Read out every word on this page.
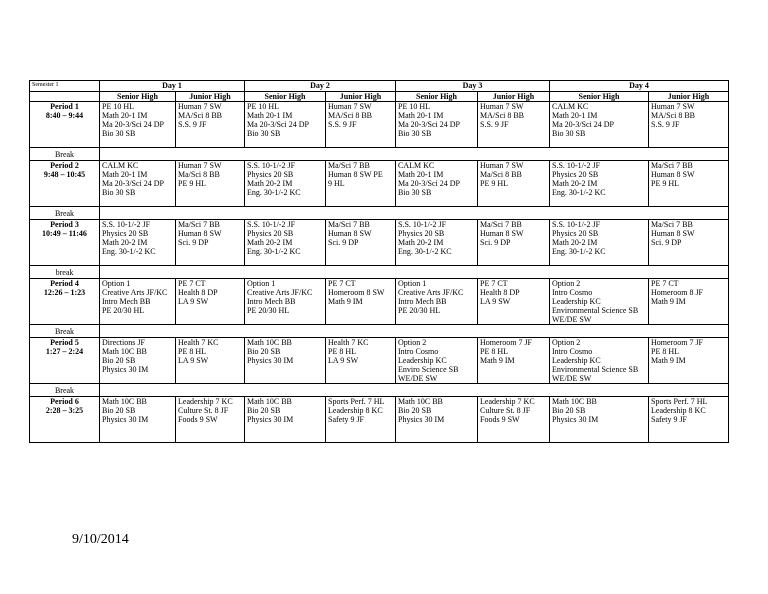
Semester 1	Day 1		Day 2		Day 3		Day 4	
	Senior High	Junior High	Senior High	Junior High	Senior High	Junior High	Senior High	Junior High

Period 1
8:40 – 9:44	PE 10 HL
Math 20-1 IM
Ma 20-3/Sci 24 DP
Bio 30 SB	Human 7 SW
MA/Sci 8 BB
S.S. 9 JF	PE 10 HL
Math 20-1 IM
Ma 20-3/Sci 24 DP
Bio 30 SB	Human 7 SW
MA/Sci 8 BB
S.S. 9 JF	PE 10 HL
Math 20-1 IM
Ma 20-3/Sci 24 DP
Bio 30 SB	Human 7 SW
MA/Sci 8 BB
S.S. 9 JF	CALM KC
Math 20-1 IM
Ma 20-3/Sci 24 DP
Bio 30 SB	Human 7 SW
MA/Sci 8 BB
S.S. 9 JF

Break								

Period 2
9:48 – 10:45	CALM KC
Math 20-1 IM
Ma 20-3/Sci 24 DP
Bio 30 SB	Human 7 SW
Ma/Sci 8 BB
PE 9 HL	S.S. 10-1/-2 JF
Physics 20 SB
Math 20-2 IM
Eng. 30-1/-2 KC	Ma/Sci 7 BB
Human 8 SW PE
9 HL	CALM KC
Math 20-1 IM
Ma 20-3/Sci 24 DP
Bio 30 SB	Human 7 SW
Ma/Sci 8 BB
PE 9 HL	S.S. 10-1/-2 JF
Physics 20 SB
Math 20-2 IM
Eng. 30-1/-2 KC	Ma/Sci 7 BB
Human 8 SW
PE 9 HL

Break								

Period 3
10:49 – 11:46	S.S. 10-1/-2 JF
Physics 20 SB
Math 20-2 IM
Eng. 30-1/-2 KC	Ma/Sci 7 BB
Human 8 SW
Sci. 9 DP	S.S. 10-1/-2 JF
Physics 20 SB
Math 20-2 IM
Eng. 30-1/-2 KC	Ma/Sci 7 BB
Human 8 SW
Sci. 9 DP	S.S. 10-1/-2 JF
Physics 20 SB
Math 20-2 IM
Eng. 30-1/-2 KC	Ma/Sci 7 BB
Human 8 SW
Sci. 9 DP	S.S. 10-1/-2 JF
Physics 20 SB
Math 20-2 IM
Eng. 30-1/-2 KC	Ma/Sci 7 BB
Human 8 SW
Sci. 9 DP

break								

Period 4
12:26 – 1:23	Option 1
Creative Arts JF/KC
Intro Mech BB
PE 20/30 HL	PE 7 CT
Health 8 DP
LA 9 SW	Option 1
Creative Arts JF/KC
Intro Mech BB
PE 20/30 HL	PE 7 CT
Homeroom 8 SW
Math 9 IM	Option 1
Creative Arts JF/KC
Intro Mech BB
PE 20/30 HL	PE 7 CT
Health 8 DP
LA 9 SW	Option 2
Intro Cosmo
Leadership KC
Environmental Science SB
WE/DE SW	PE 7 CT
Homeroom 8 JF
Math 9 IM

Break								

Period 5
1:27 – 2:24	Directions JF
Math 10C BB
Bio 20 SB
Physics 30 IM	Health 7 KC
PE 8 HL
LA 9 SW	Math 10C BB
Bio 20 SB
Physics 30 IM	Health 7 KC
PE 8 HL
LA 9 SW	Option 2
Intro Cosmo
Leadership KC
Enviro Science SB
WE/DE SW	Homeroom 7 JF
PE 8 HL
Math 9 IM	Option 2
Intro Cosmo
Leadership KC
Environmental Science SB
WE/DE SW	Homeroom 7 JF
PE 8 HL
Math 9 IM

Break								

Period 6
2:28 – 3:25	Math 10C BB
Bio 20 SB
Physics 30 IM	Leadership 7 KC
Culture St. 8 JF
Foods 9 SW	Math 10C BB
Bio 20 SB
Physics 30 IM	Sports Perf. 7 HL
Leadership 8 KC
Safety 9 JF	Math 10C BB
Bio 20 SB
Physics 30 IM	Leadership 7 KC
Culture St. 8 JF
Foods 9 SW	Math 10C BB
Bio 20 SB
Physics 30 IM	Sports Perf. 7 HL
Leadership 8 KC
Safety 9 JF
9/10/2014
